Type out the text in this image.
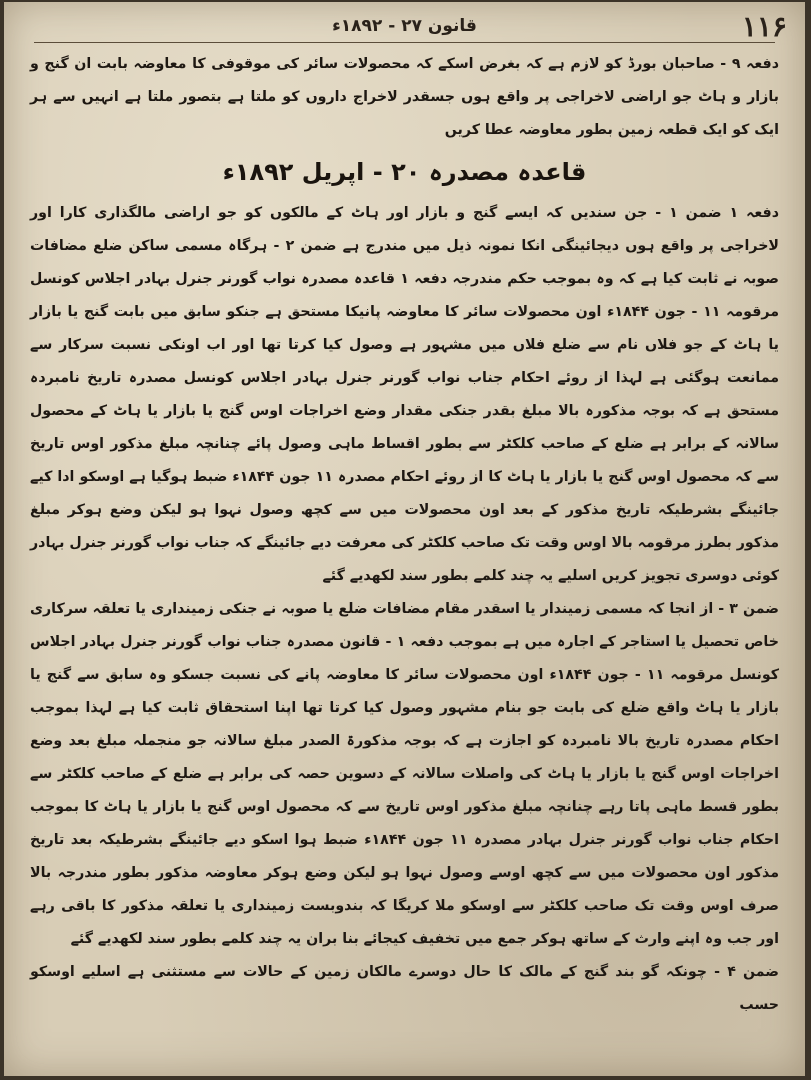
قانون ۲۷ - ۱۸۹۲ء	۱۱۶

دفعہ ۹ - صاحبان بورڈ کو لازم ہے کہ بغرض اسکے کہ محصولات سائر کی موقوفی کا معاوضہ بابت ان گنج و بازار و ہاٹ جو اراضی لاخراجی پر واقع ہوں جسقدر لاخراج داروں کو ملتا ہے بتصور ملتا ہے انہیں سے ہر ایک کو ایک قطعہ زمین بطور معاوضہ عطا کریں

قاعدہ مصدرہ ۲۰ - اپریل ۱۸۹۲ء

دفعہ ۱ ضمن ۱ - جن سندیں کہ ایسے گنج و بازار اور ہاٹ کے مالکوں کو جو اراضی مالگذاری کارا اور لاخراجی پر واقع ہوں دیجائینگی انکا نمونہ ذیل میں مندرج ہے ضمن ۲ - ہرگاہ مسمی ساکن ضلع مضافات صوبہ نے ثابت کیا ہے کہ وہ بموجب حکم مندرجہ دفعہ ۱ قاعدہ مصدرہ نواب گورنر جنرل بہادر اجلاس کونسل مرقومہ ۱۱ - جون ۱۸۴۴ء اون محصولات سائر کا معاوضہ پانیکا مستحق ہے جنکو سابق میں بابت گنج یا بازار یا ہاٹ کے جو فلاں نام سے ضلع فلاں میں مشہور ہے وصول کیا کرتا تھا اور اب اونکی نسبت سرکار سے ممانعت ہوگئی ہے لہذا از روئے احکام جناب نواب گورنر جنرل بہادر اجلاس کونسل مصدرہ تاریخ نامبردہ مستحق ہے کہ بوجہ مذکورہ بالا مبلغ بقدر جنکی مقدار وضع اخراجات اوس گنج یا بازار یا ہاٹ کے محصول سالانہ کے برابر ہے ضلع کے صاحب کلکٹر سے بطور اقساط ماہی وصول پائے چنانچہ مبلغ مذکور اوس تاریخ سے کہ محصول اوس گنج یا بازار یا ہاٹ کا از روئے احکام مصدرہ ۱۱ جون ۱۸۴۴ء ضبط ہوگیا ہے اوسکو ادا کیے جائینگے بشرطیکہ تاریخ مذکور کے بعد اون محصولات میں سے کچھ وصول نہوا ہو لیکن وضع ہوکر مبلغ مذکور بطرز مرقومہ بالا اوس وقت تک صاحب کلکٹر کی معرفت دیے جائینگے کہ جناب نواب گورنر جنرل بہادر کوئی دوسری تجویز کریں اسلیے یہ چند کلمے بطور سند لکھدیے گئے

ضمن ۳ - از انجا کہ مسمی زمیندار یا اسقدر مقام مضافات ضلع یا صوبہ نے جنکی زمینداری یا تعلقہ سرکاری خاص تحصیل یا استاجر کے اجارہ میں ہے بموجب دفعہ ۱ - قانون مصدرہ جناب نواب گورنر جنرل بہادر اجلاس کونسل مرقومہ ۱۱ - جون ۱۸۴۴ء اون محصولات سائر کا معاوضہ پانے کی نسبت جسکو وہ سابق سے گنج یا بازار یا ہاٹ واقع ضلع کی بابت جو بنام مشہور وصول کیا کرتا تھا اپنا استحقاق ثابت کیا ہے لہذا بموجب احکام مصدرہ تاریخ بالا نامبردہ کو اجازت ہے کہ بوجہ مذکورۃ الصدر مبلغ سالانہ جو منجملہ مبلغ بعد وضع اخراجات اوس گنج یا بازار یا ہاٹ کی واصلات سالانہ کے دسوین حصہ کی برابر ہے ضلع کے صاحب کلکٹر سے بطور قسط ماہی پاتا رہے چنانچہ مبلغ مذکور اوس تاریخ سے کہ محصول اوس گنج یا بازار یا ہاٹ کا بموجب احکام جناب نواب گورنر جنرل بہادر مصدرہ ۱۱ جون ۱۸۴۴ء ضبط ہوا اسکو دیے جائینگے بشرطیکہ بعد تاریخ مذکور اون محصولات میں سے کچھ اوسے وصول نہوا ہو لیکن وضع ہوکر معاوضہ مذکور بطور مندرجہ بالا صرف اوس وقت تک صاحب کلکٹر سے اوسکو ملا کریگا کہ بندوبست زمینداری یا تعلقہ مذکور کا باقی رہے اور جب وہ اپنے وارث کے ساتھ ہوکر جمع میں تخفیف کیجائے بنا بران یہ چند کلمے بطور سند لکھدیے گئے

ضمن ۴ - چونکہ گو بند گنج کے مالک کا حال دوسرے مالکان زمین کے حالات سے مستثنی ہے اسلیے اوسکو حسب
